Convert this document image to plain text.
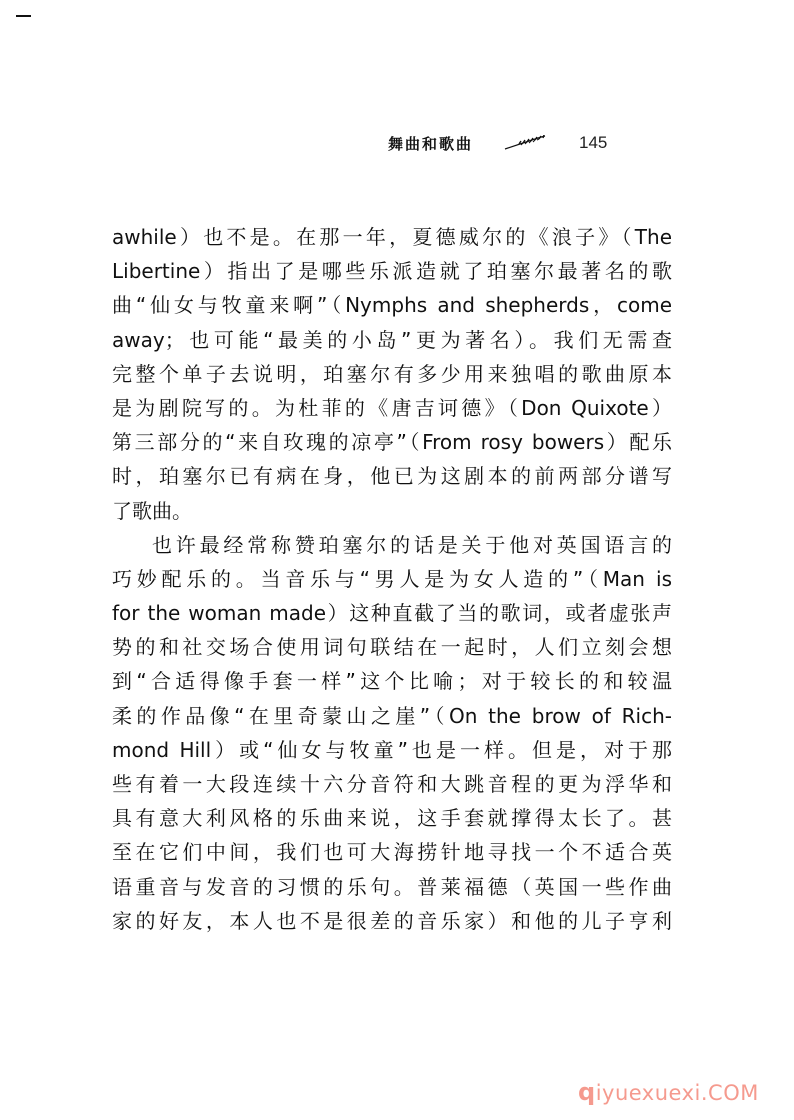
舞曲和歌曲	145
awhile）也不是。在那一年，夏德威尔的《浪子》（The
Libertine）指出了是哪些乐派造就了珀塞尔最著名的歌
曲“仙女与牧童来啊”（Nymphs and shepherds，come
away；也可能“最美的小岛”更为著名）。我们无需查
完整个单子去说明，珀塞尔有多少用来独唱的歌曲原本
是为剧院写的。为杜菲的《唐吉诃德》（Don Quixote）
第三部分的“来自玫瑰的凉亭”（From rosy bowers）配乐
时，珀塞尔已有病在身，他已为这剧本的前两部分谱写
了歌曲。
也许最经常称赞珀塞尔的话是关于他对英国语言的
巧妙配乐的。当音乐与“男人是为女人造的”（Man is
for the woman made）这种直截了当的歌词，或者虚张声
势的和社交场合使用词句联结在一起时，人们立刻会想
到“合适得像手套一样”这个比喻；对于较长的和较温
柔的作品像“在里奇蒙山之崖”（On the brow of Rich-
mond Hill）或“仙女与牧童”也是一样。但是，对于那
些有着一大段连续十六分音符和大跳音程的更为浮华和
具有意大利风格的乐曲来说，这手套就撑得太长了。甚
至在它们中间，我们也可大海捞针地寻找一个不适合英
语重音与发音的习惯的乐句。普莱福德（英国一些作曲
家的好友，本人也不是很差的音乐家）和他的儿子亨利
qiyuexuexi.COM
